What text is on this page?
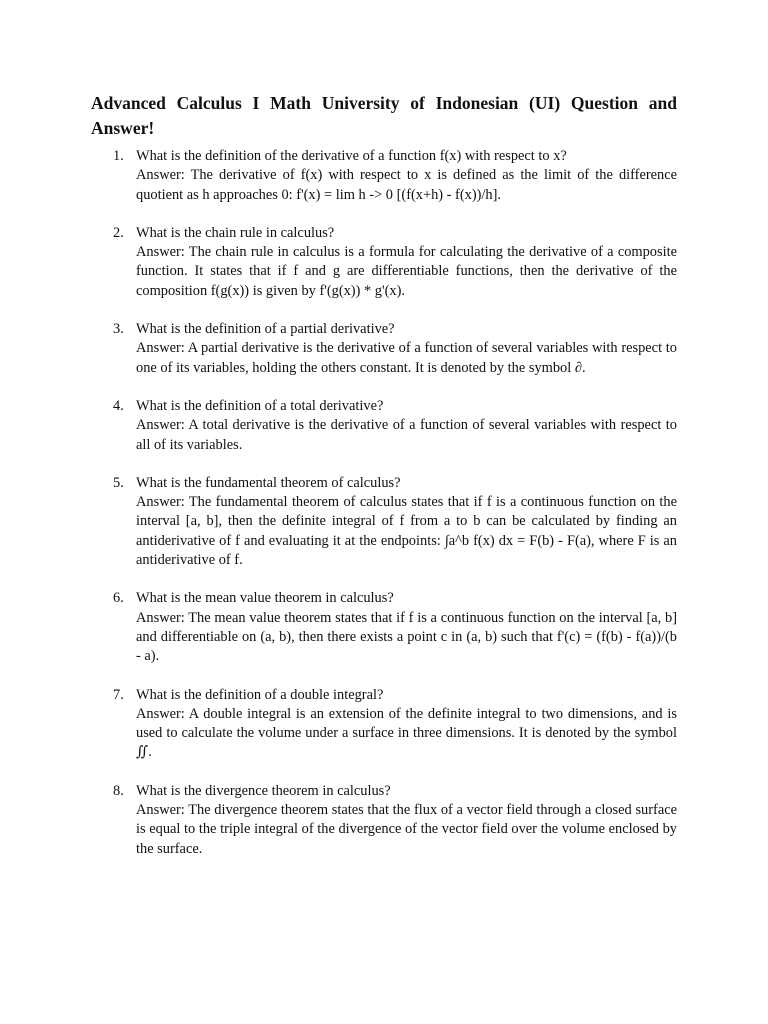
Advanced Calculus I Math University of Indonesian (UI) Question and Answer!
1. What is the definition of the derivative of a function f(x) with respect to x?
Answer: The derivative of f(x) with respect to x is defined as the limit of the difference quotient as h approaches 0: f'(x) = lim h -> 0 [(f(x+h) - f(x))/h].
2. What is the chain rule in calculus?
Answer: The chain rule in calculus is a formula for calculating the derivative of a composite function. It states that if f and g are differentiable functions, then the derivative of the composition f(g(x)) is given by f'(g(x)) * g'(x).
3. What is the definition of a partial derivative?
Answer: A partial derivative is the derivative of a function of several variables with respect to one of its variables, holding the others constant. It is denoted by the symbol ∂.
4. What is the definition of a total derivative?
Answer: A total derivative is the derivative of a function of several variables with respect to all of its variables.
5. What is the fundamental theorem of calculus?
Answer: The fundamental theorem of calculus states that if f is a continuous function on the interval [a, b], then the definite integral of f from a to b can be calculated by finding an antiderivative of f and evaluating it at the endpoints: ∫a^b f(x) dx = F(b) - F(a), where F is an antiderivative of f.
6. What is the mean value theorem in calculus?
Answer: The mean value theorem states that if f is a continuous function on the interval [a, b] and differentiable on (a, b), then there exists a point c in (a, b) such that f'(c) = (f(b) - f(a))/(b - a).
7. What is the definition of a double integral?
Answer: A double integral is an extension of the definite integral to two dimensions, and is used to calculate the volume under a surface in three dimensions. It is denoted by the symbol ∬.
8. What is the divergence theorem in calculus?
Answer: The divergence theorem states that the flux of a vector field through a closed surface is equal to the triple integral of the divergence of the vector field over the volume enclosed by the surface.
